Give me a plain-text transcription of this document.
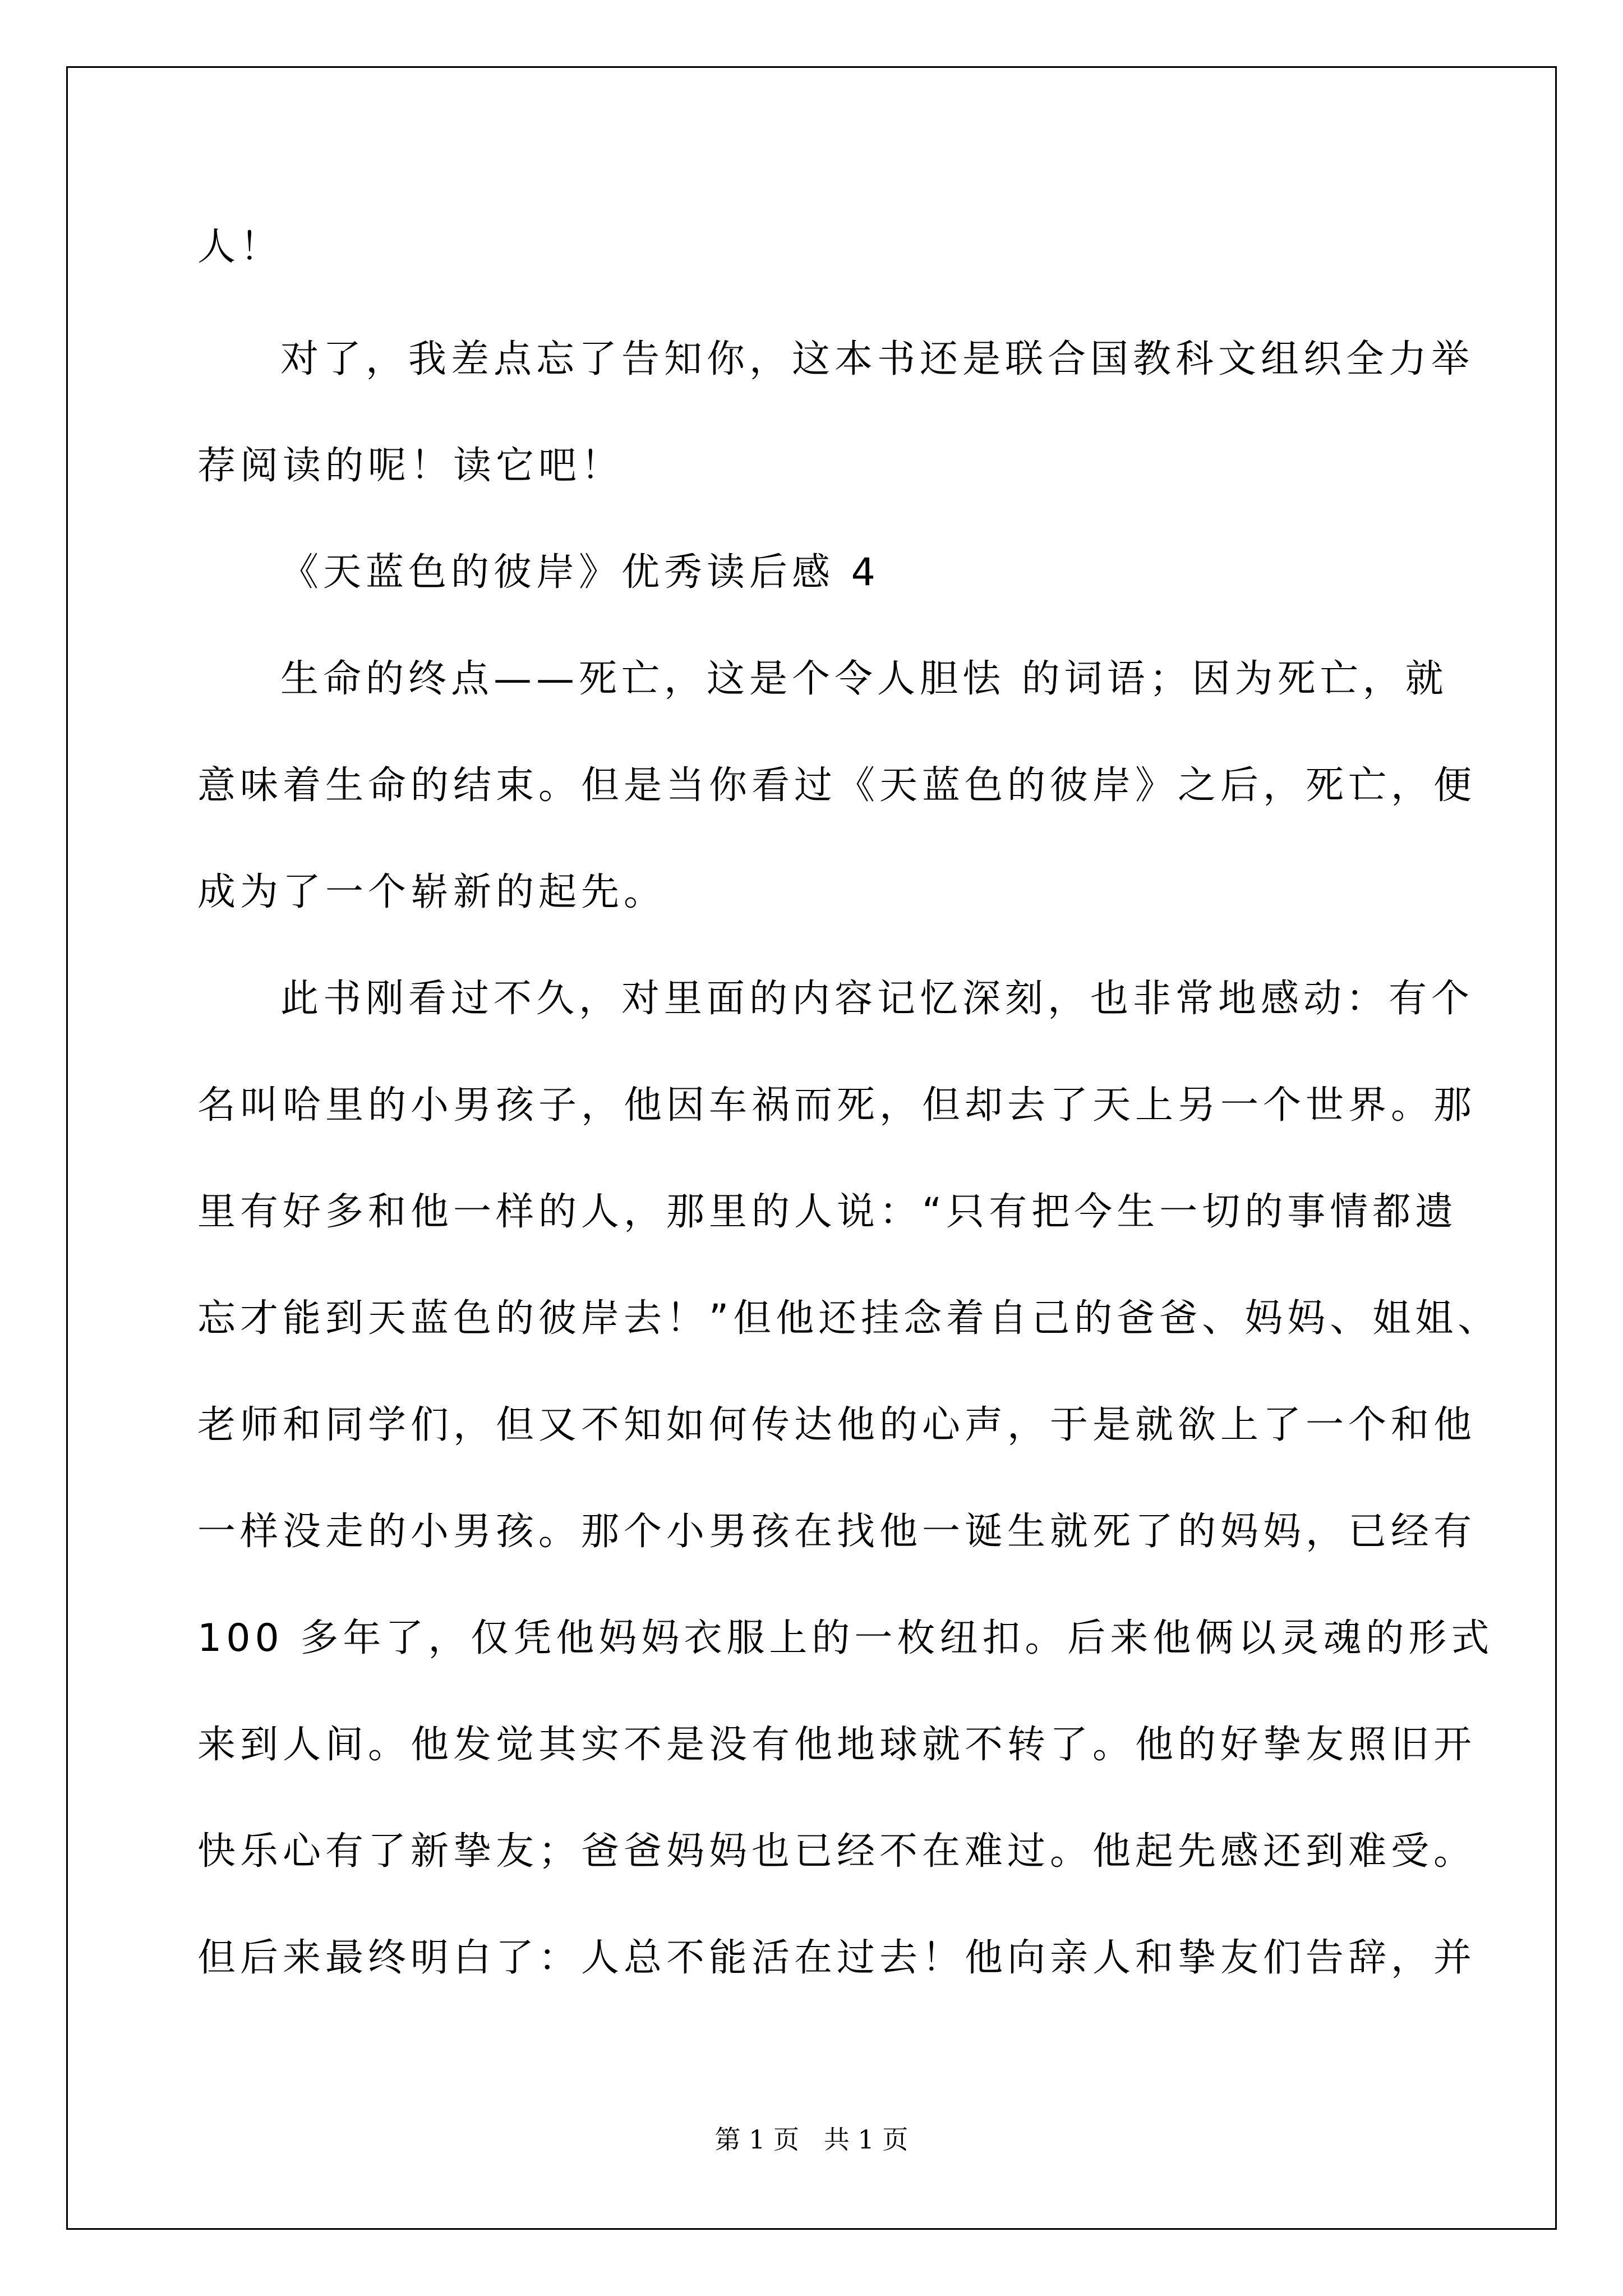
人！

对了，我差点忘了告知你，这本书还是联合国教科文组织全力举

荐阅读的呢！读它吧！

《天蓝色的彼岸》优秀读后感 4

生命的终点——死亡，这是个令人胆怯 的词语；因为死亡，就

意味着生命的结束。但是当你看过《天蓝色的彼岸》之后，死亡，便

成为了一个崭新的起先。

此书刚看过不久，对里面的内容记忆深刻，也非常地感动：有个

名叫哈里的小男孩子，他因车祸而死，但却去了天上另一个世界。那

里有好多和他一样的人，那里的人说：“只有把今生一切的事情都遗

忘才能到天蓝色的彼岸去！”但他还挂念着自己的爸爸、妈妈、姐姐、

老师和同学们，但又不知如何传达他的心声，于是就欲上了一个和他

一样没走的小男孩。那个小男孩在找他一诞生就死了的妈妈，已经有

100 多年了，仅凭他妈妈衣服上的一枚纽扣。后来他俩以灵魂的形式

来到人间。他发觉其实不是没有他地球就不转了。他的好挚友照旧开

快乐心有了新挚友；爸爸妈妈也已经不在难过。他起先感还到难受。

但后来最终明白了：人总不能活在过去！他向亲人和挚友们告辞，并

第 1 页   共 1 页
